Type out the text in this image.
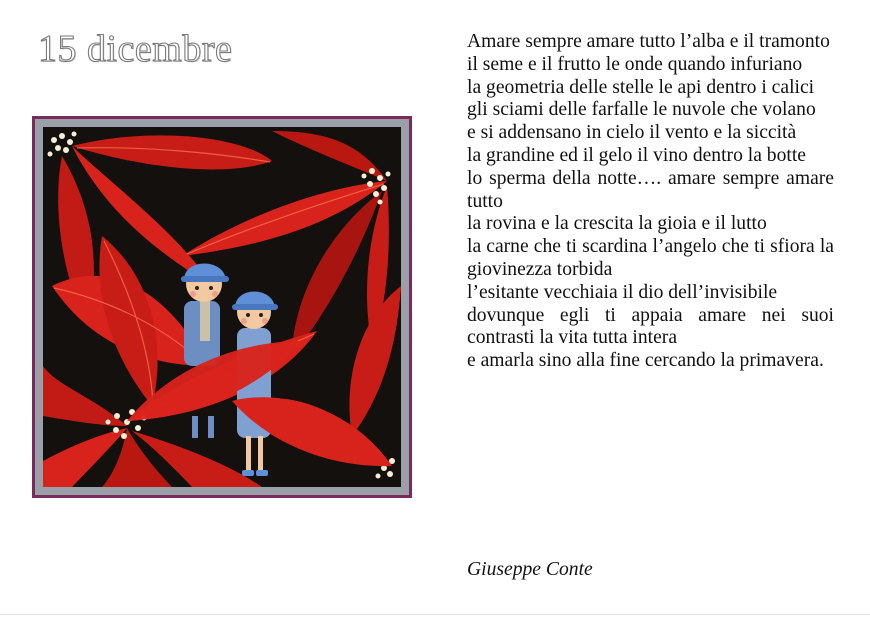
15 dicembre	Amare sempre amare tutto l’alba e il tramonto
il seme e il frutto le onde quando infuriano
la geometria delle stelle le api dentro i calici
gli sciami delle farfalle le nuvole che volano
e si addensano in cielo il vento e la siccità
la grandine ed il gelo il vino dentro la botte
lo sperma della notte…. amare sempre amare tutto
la rovina e la crescita la gioia e il lutto
la carne che ti scardina l’angelo che ti sfiora la giovinezza torbida
l’esitante vecchiaia il dio dell’invisibile
dovunque egli ti appaia amare nei suoi contrasti la vita tutta intera
e amarla sino alla fine cercando la primavera.
Giuseppe Conte
